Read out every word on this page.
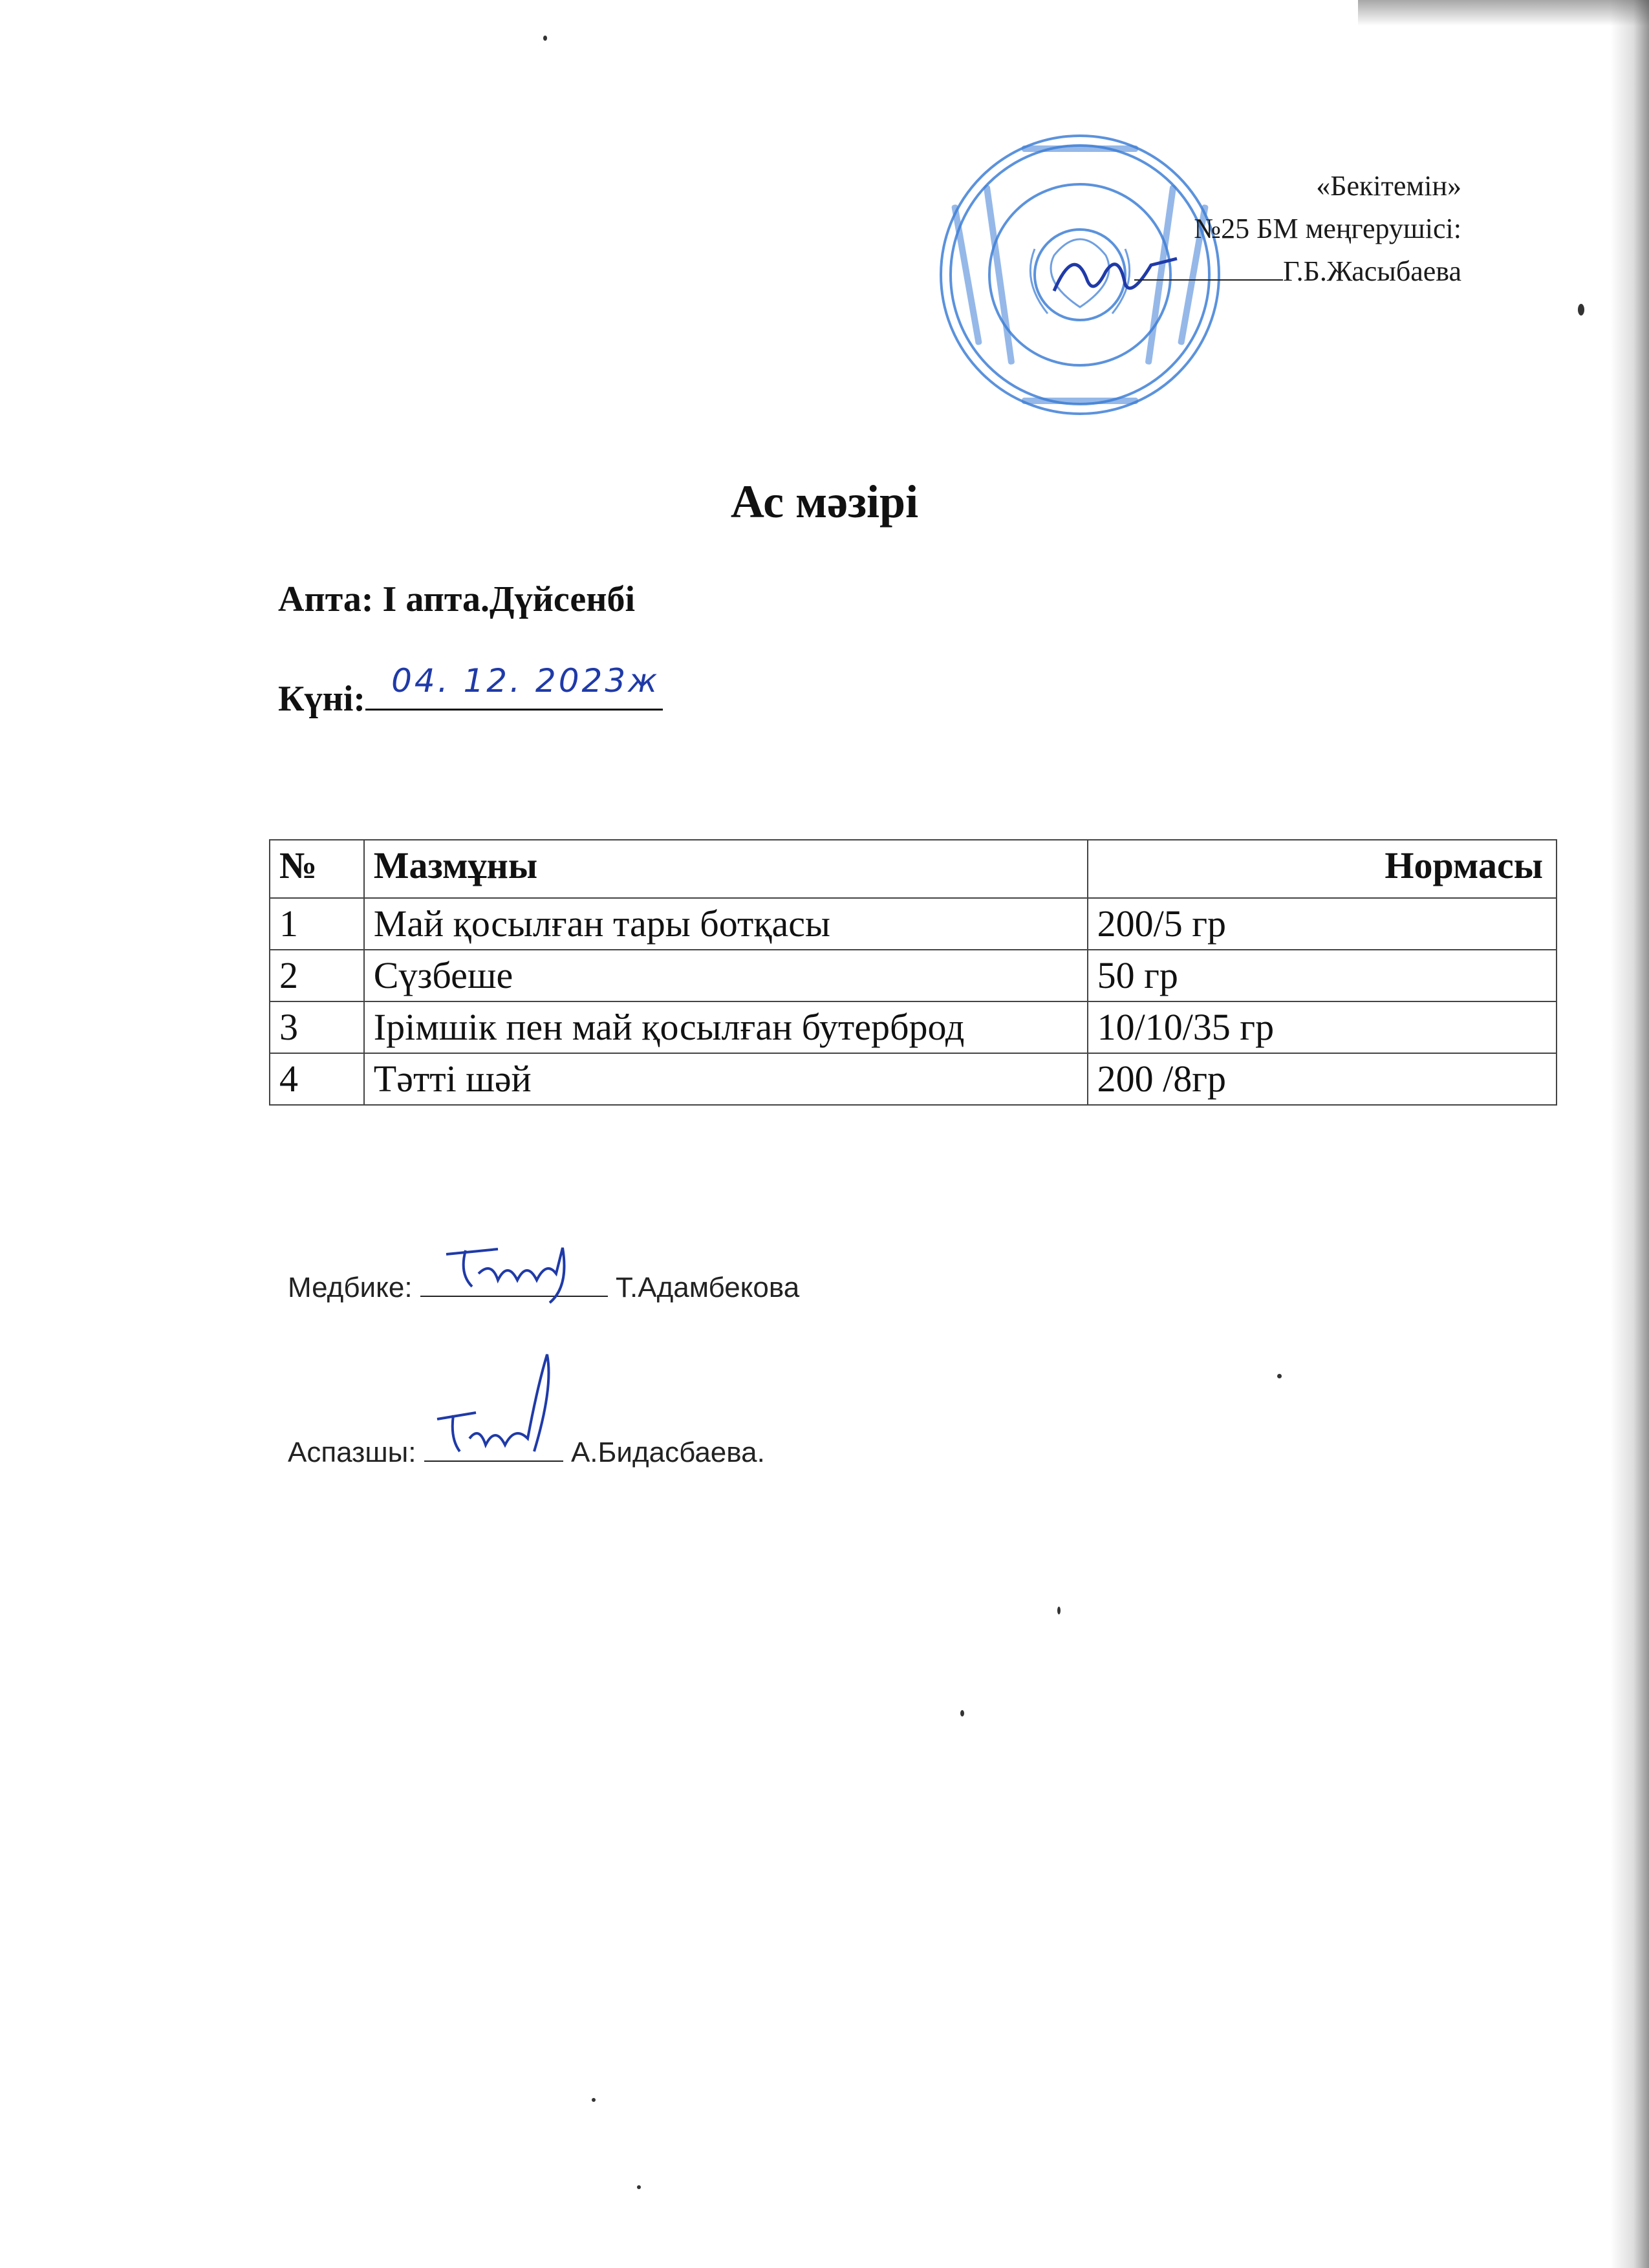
«Бекітемін»
№25 БМ меңгерушісі:
Г.Б.Жасыбаева
Ас мәзірі
Апта: І апта.Дүйсенбі
Күні: 04. 12. 2023ж
№	Мазмұны	Нормасы
1	Май қосылған тары ботқасы	200/5 гр
2	Сүзбеше	50 гр
3	Ірімшік пен май қосылған бутерброд	10/10/35 гр
4	Тәтті шәй	200 /8гр
Медбике:	Т.Адамбекова
Аспазшы:	А.Бидасбаева.
